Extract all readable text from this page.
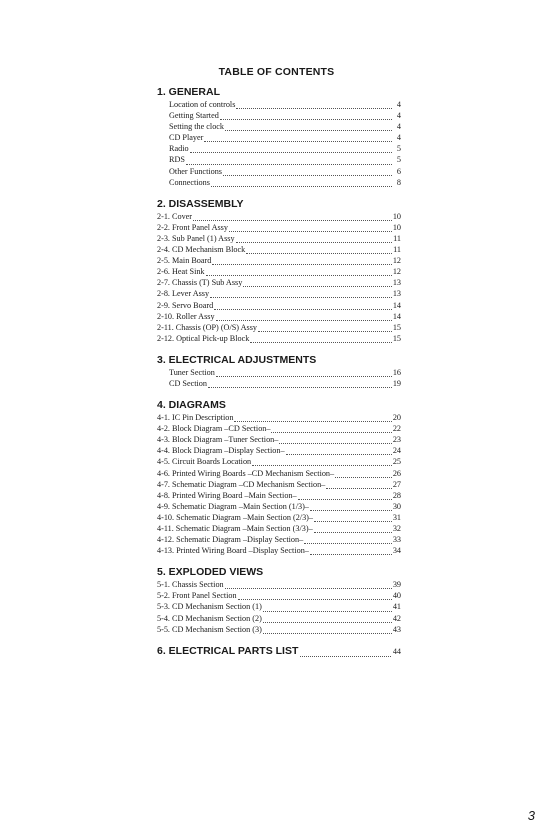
TABLE OF CONTENTS
1. GENERAL
Location of controls	4
Getting Started	4
Setting the clock	4
CD Player	4
Radio	5
RDS	5
Other Functions	6
Connections	8
2. DISASSEMBLY
2-1. Cover	10
2-2. Front Panel Assy	10
2-3. Sub Panel (1) Assy	11
2-4. CD Mechanism Block	11
2-5. Main Board	12
2-6. Heat Sink	12
2-7. Chassis (T) Sub Assy	13
2-8. Lever Assy	13
2-9. Servo Board	14
2-10. Roller Assy	14
2-11. Chassis (OP) (O/S) Assy	15
2-12. Optical Pick-up Block	15
3. ELECTRICAL ADJUSTMENTS
Tuner Section	16
CD Section	19
4. DIAGRAMS
4-1. IC Pin Description	20
4-2. Block Diagram –CD Section–	22
4-3. Block Diagram –Tuner Section–	23
4-4. Block Diagram –Display Section–	24
4-5. Circuit Boards Location	25
4-6. Printed Wiring Boards –CD Mechanism Section–	26
4-7. Schematic Diagram –CD Mechanism Section–	27
4-8. Printed Wiring Board –Main Section–	28
4-9. Schematic Diagram –Main Section (1/3)–	30
4-10. Schematic Diagram –Main Section (2/3)–	31
4-11. Schematic Diagram –Main Section (3/3)–	32
4-12. Schematic Diagram –Display Section–	33
4-13. Printed Wiring Board –Display Section–	34
5. EXPLODED VIEWS
5-1. Chassis Section	39
5-2. Front Panel Section	40
5-3. CD Mechanism Section (1)	41
5-4. CD Mechanism Section (2)	42
5-5. CD Mechanism Section (3)	43
6. ELECTRICAL PARTS LIST	44
3
